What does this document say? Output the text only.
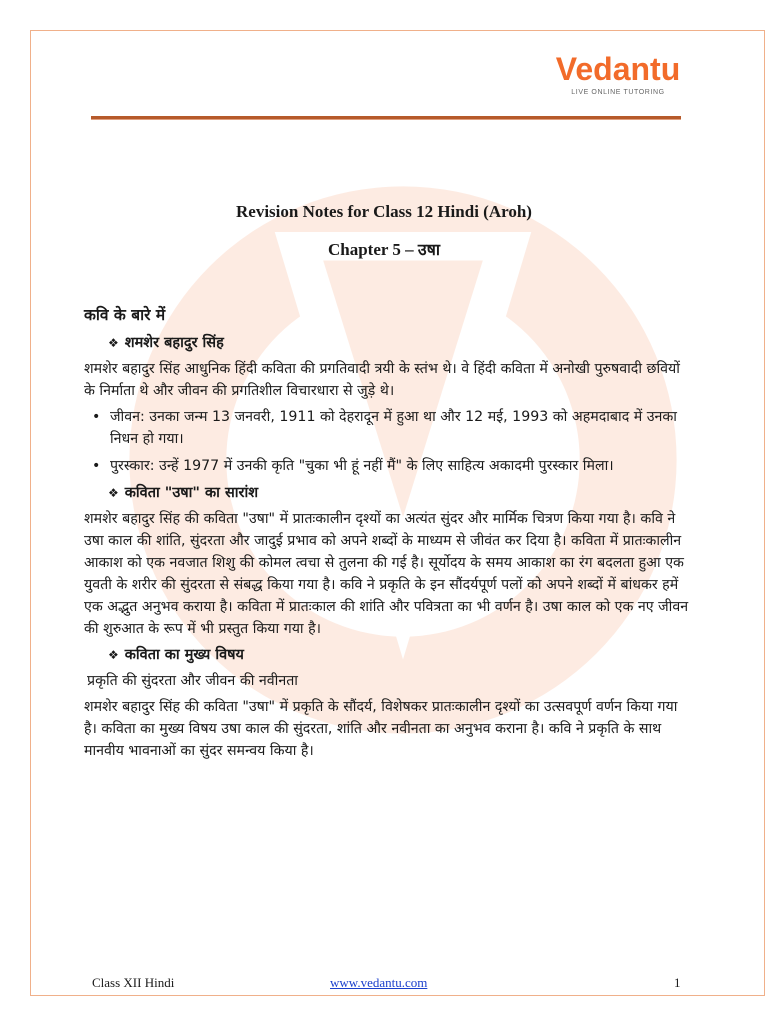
Vedantu
LIVE ONLINE TUTORING
Revision Notes for Class 12 Hindi (Aroh)
Chapter 5 – उषा
कवि के बारे में
❖ शमशेर बहादुर सिंह

शमशेर बहादुर सिंह आधुनिक हिंदी कविता की प्रगतिवादी त्रयी के स्तंभ थे। वे हिंदी कविता में अनोखी पुरुषवादी छवियों के निर्माता थे और जीवन की प्रगतिशील विचारधारा से जुड़े थे।

• जीवन: उनका जन्म 13 जनवरी, 1911 को देहरादून में हुआ था और 12 मई, 1993 को अहमदाबाद में उनका निधन हो गया।
• पुरस्कार: उन्हें 1977 में उनकी कृति "चुका भी हूं नहीं मैं" के लिए साहित्य अकादमी पुरस्कार मिला।
❖ कविता "उषा" का सारांश

शमशेर बहादुर सिंह की कविता "उषा" में प्रातःकालीन दृश्यों का अत्यंत सुंदर और मार्मिक चित्रण किया गया है। कवि ने उषा काल की शांति, सुंदरता और जादुई प्रभाव को अपने शब्दों के माध्यम से जीवंत कर दिया है। कविता में प्रातःकालीन आकाश को एक नवजात शिशु की कोमल त्वचा से तुलना की गई है। सूर्योदय के समय आकाश का रंग बदलता हुआ एक युवती के शरीर की सुंदरता से संबद्ध किया गया है। कवि ने प्रकृति के इन सौंदर्यपूर्ण पलों को अपने शब्दों में बांधकर हमें एक अद्भुत अनुभव कराया है। कविता में प्रातःकाल की शांति और पवित्रता का भी वर्णन है। उषा काल को एक नए जीवन की शुरुआत के रूप में भी प्रस्तुत किया गया है।

❖ कविता का मुख्य विषय

प्रकृति की सुंदरता और जीवन की नवीनता

शमशेर बहादुर सिंह की कविता "उषा" में प्रकृति के सौंदर्य, विशेषकर प्रातःकालीन दृश्यों का उत्सवपूर्ण वर्णन किया गया है। कविता का मुख्य विषय उषा काल की सुंदरता, शांति और नवीनता का अनुभव कराना है। कवि ने प्रकृति के साथ मानवीय भावनाओं का सुंदर समन्वय किया है।

Class XII Hindi	www.vedantu.com	1
